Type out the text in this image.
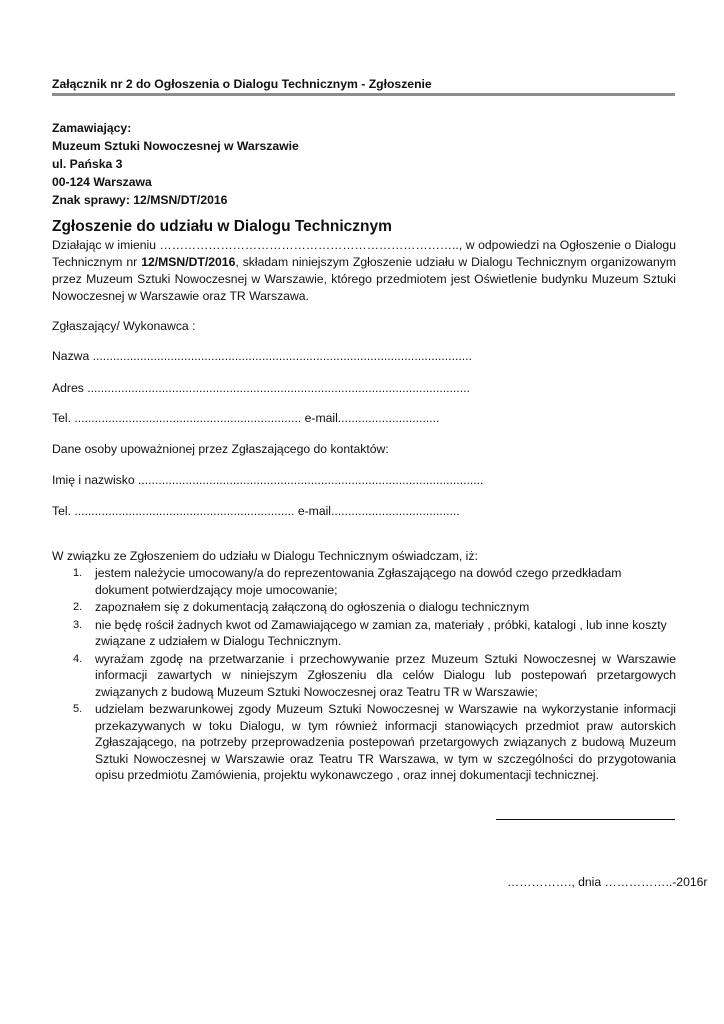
Załącznik nr 2 do Ogłoszenia o Dialogu Technicznym - Zgłoszenie
Zamawiający:
Muzeum Sztuki Nowoczesnej w Warszawie
ul. Pańska 3
00-124 Warszawa
Znak sprawy: 12/MSN/DT/2016
Zgłoszenie do udziału w Dialogu Technicznym
Działając w imieniu ……………………………………………………………….., w odpowiedzi na Ogłoszenie o Dialogu Technicznym nr 12/MSN/DT/2016, składam niniejszym Zgłoszenie udziału w Dialogu Technicznym organizowanym przez Muzeum Sztuki Nowoczesnej w Warszawie, którego przedmiotem jest Oświetlenie budynku Muzeum Sztuki Nowoczesnej w Warszawie oraz TR Warszawa.
Zgłaszający/ Wykonawca :
Nazwa ................................................................................................................
Adres .................................................................................................................
Tel. ................................................................... e-mail..............................
Dane osoby upoważnionej przez Zgłaszającego do kontaktów:
Imię i nazwisko ......................................................................................................
Tel. ................................................................. e-mail......................................
W związku ze Zgłoszeniem do udziału w Dialogu Technicznym oświadczam, iż:
1. jestem należycie umocowany/a do reprezentowania Zgłaszającego na dowód czego przedkładam dokument potwierdzający moje umocowanie;
2. zapoznałem się z dokumentacją załączoną do ogłoszenia o dialogu technicznym
3. nie będę rościł żadnych kwot od Zamawiającego w zamian za, materiały , próbki, katalogi , lub inne koszty związane z udziałem w Dialogu Technicznym.
4. wyrażam zgodę na przetwarzanie i przechowywanie przez Muzeum Sztuki Nowoczesnej w Warszawie informacji zawartych w niniejszym Zgłoszeniu dla celów Dialogu lub postepowań przetargowych związanych z budową Muzeum Sztuki Nowoczesnej oraz Teatru TR w Warszawie;
5. udzielam bezwarunkowej zgody Muzeum Sztuki Nowoczesnej w Warszawie na wykorzystanie informacji przekazywanych w toku Dialogu, w tym również informacji stanowiących przedmiot praw autorskich Zgłaszającego, na potrzeby przeprowadzenia postepowań przetargowych związanych z budową Muzeum Sztuki Nowoczesnej w Warszawie oraz Teatru TR Warszawa, w tym w szczególności do przygotowania opisu przedmiotu Zamówienia, projektu wykonawczego , oraz innej dokumentacji technicznej.
……………., dnia ……………..-2016r
